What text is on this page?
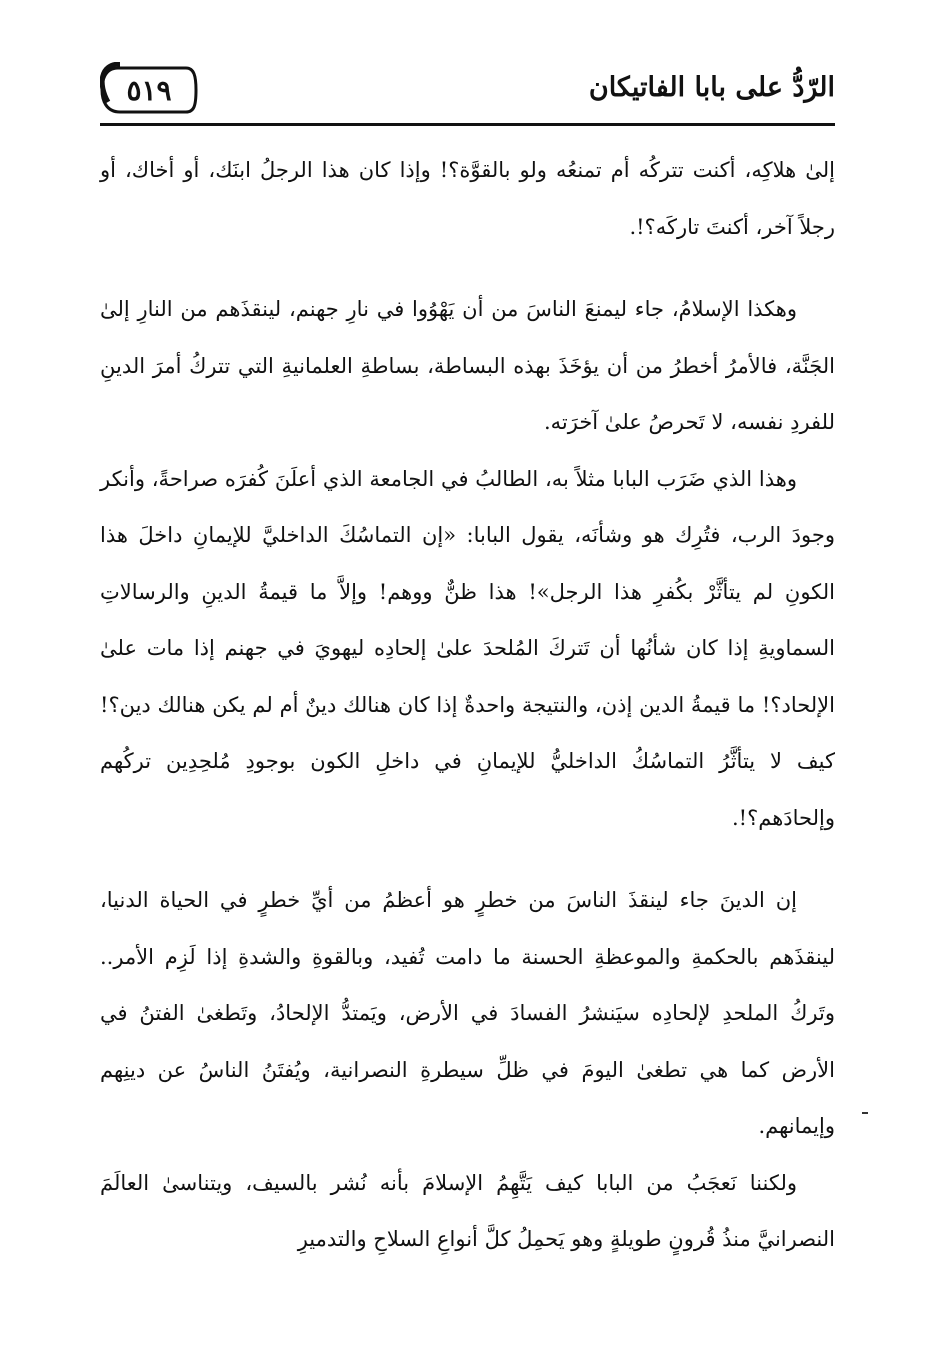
الرّدُّ على بابا الفاتيكان
٥١٩

إلىٰ هلاكِه، أكنت تتركُه أم تمنعُه ولو بالقوَّة؟! وإذا كان هذا الرجلُ ابنَك، أو أخاك، أو رجلاً آخر، أكنتَ تاركَه؟!.

وهكذا الإسلامُ، جاء ليمنعَ الناسَ من أن يَهْوُوا في نارِ جهنم، لينقذَهم من النارِ إلىٰ الجَنَّة، فالأمرُ أخطرُ من أن يؤخَذَ بهذه البساطة، بساطةِ العلمانيةِ التي تتركُ أمرَ الدينِ للفردِ نفسه، لا تَحرصُ علىٰ آخرَته.

وهذا الذي ضَرَب البابا مثلاً به، الطالبُ في الجامعة الذي أعلَنَ كُفرَه صراحةً، وأنكر وجودَ الرب، فتُرِك هو وشأنَه، يقول البابا: «إن التماسُكَ الداخليَّ للإيمانِ داخلَ هذا الكونِ لم يتأثَّرْ بكُفرِ هذا الرجل»! هذا ظنٌّ ووهم! وإلاَّ ما قيمةُ الدينِ والرسالاتِ السماويةِ إذا كان شأنُها أن تَتركَ المُلحدَ علىٰ إلحادِه ليهويَ في جهنم إذا مات علىٰ الإلحاد؟! ما قيمةُ الدين إذن، والنتيجة واحدةٌ إذا كان هنالك دينٌ أم لم يكن هنالك دين؟! كيف لا يتأثَّرُ التماسُكُ الداخليُّ للإيمانِ في داخلِ الكون بوجودِ مُلحِدِين تركُهم وإلحادَهم؟!.

إن الدينَ جاء لينقذَ الناسَ من خطرٍ هو أعظمُ من أيِّ خطرٍ في الحياة الدنيا، لينقذَهم بالحكمةِ والموعظةِ الحسنة ما دامت تُفيد، وبالقوةِ والشدةِ إذا لَزِم الأمر.. وتَركُ الملحدِ لإلحادِه سيَنشرُ الفسادَ في الأرض، ويَمتدُّ الإلحادُ، وتَطغىٰ الفتنُ في الأرض كما هي تطغىٰ اليومَ في ظلِّ سيطرةِ النصرانية، ويُفتَنُ الناسُ عن دينِهم وإيمانهم.

ولكننا نَعجَبُ من البابا كيف يَتَّهِمُ الإسلامَ بأنه نُشر بالسيف، ويتناسىٰ العالَمَ النصرانيَّ منذُ قُرونٍ طويلةٍ وهو يَحمِلُ كلَّ أنواعِ السلاحِ والتدميرِ
